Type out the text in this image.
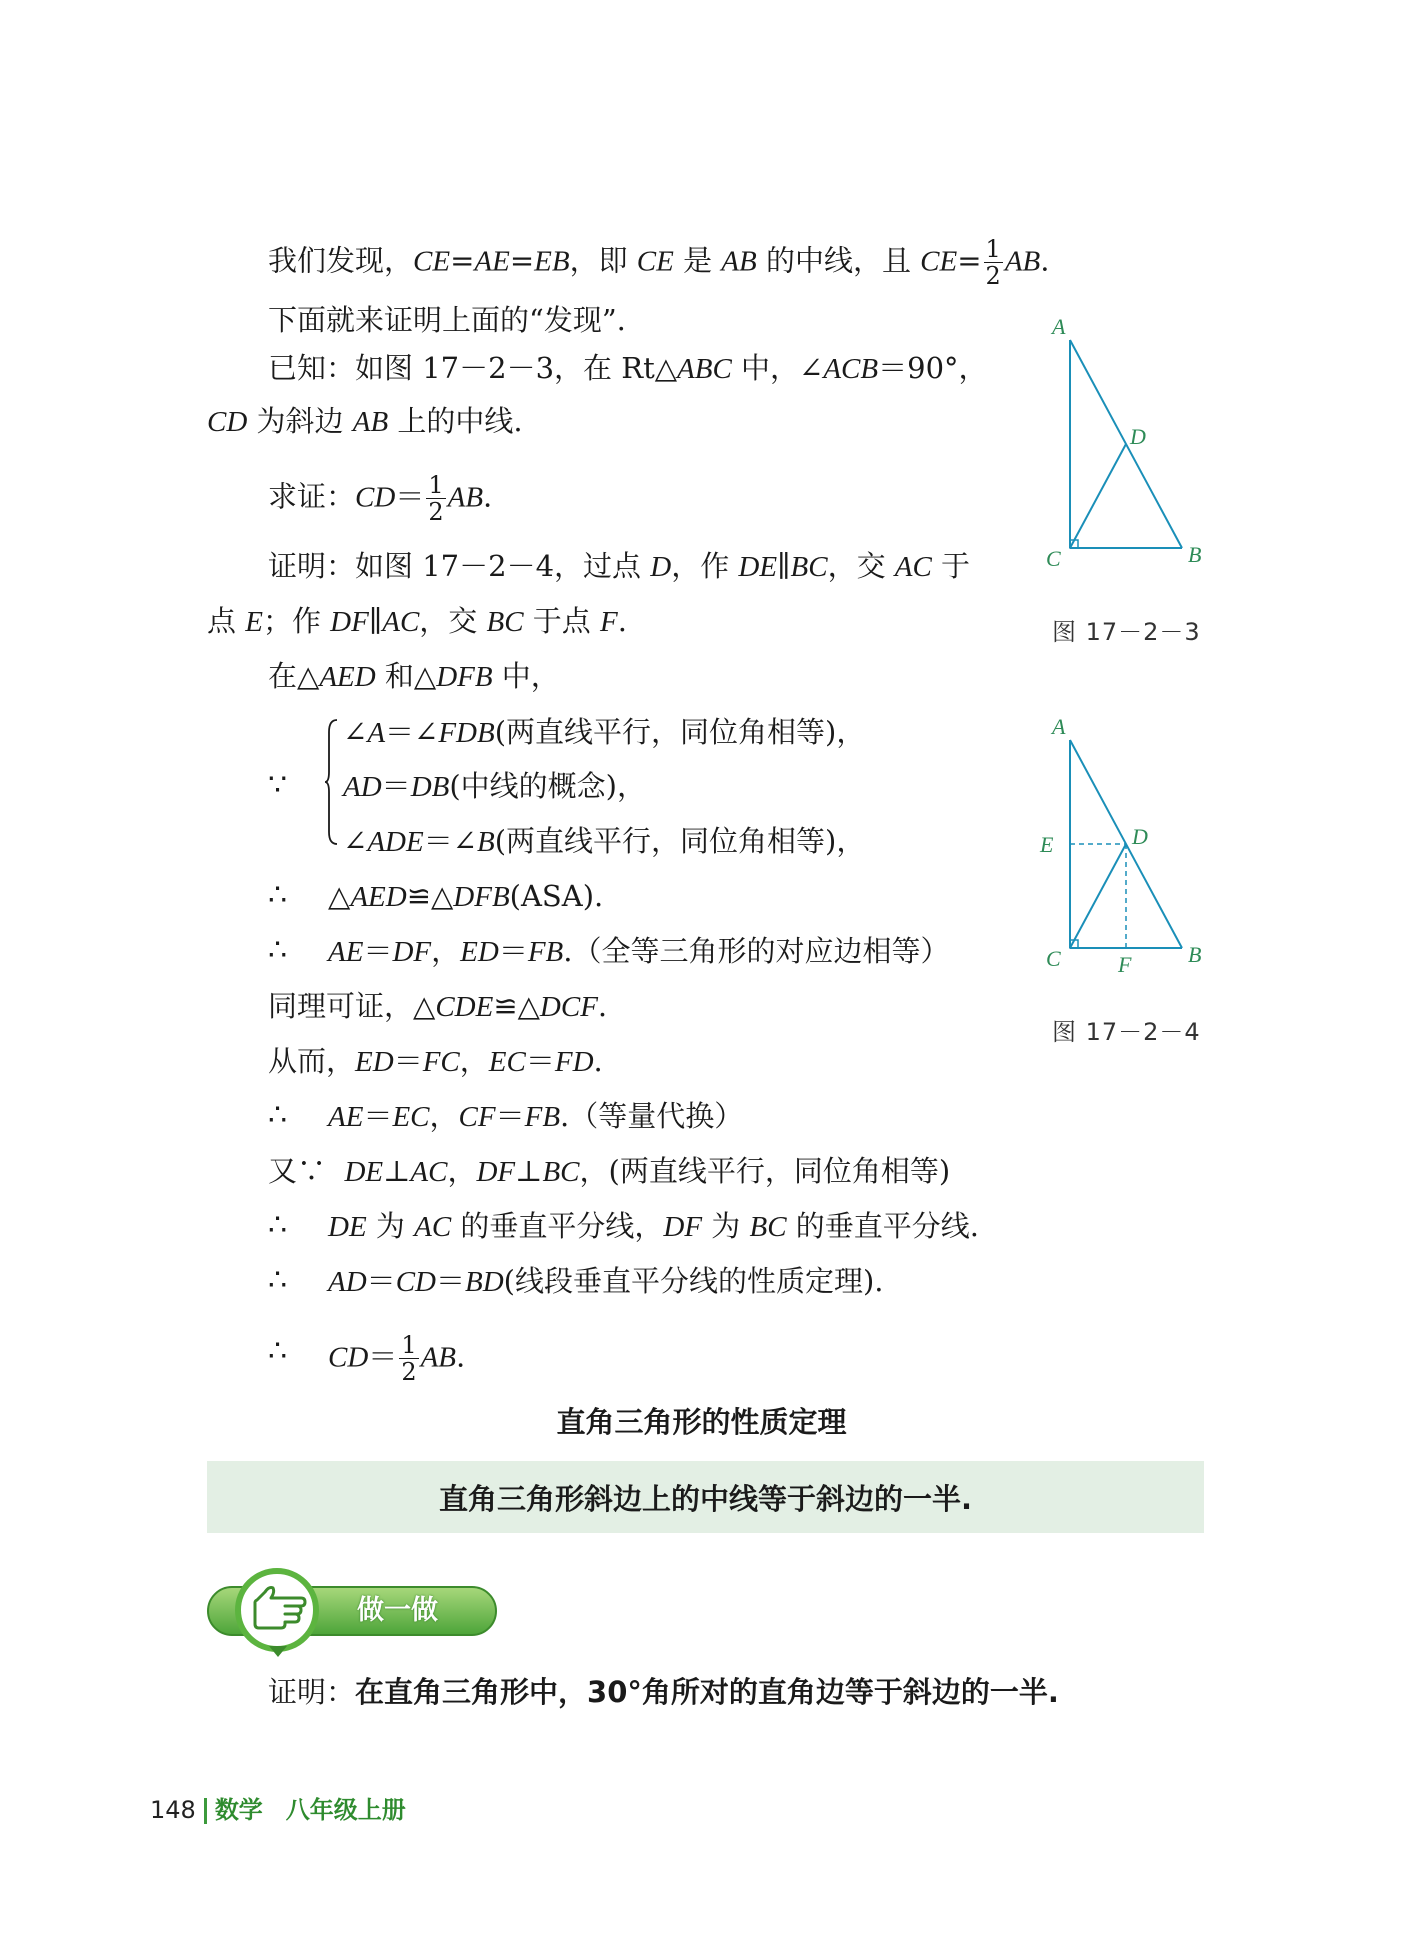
我们发现，CE=AE=EB，即 CE 是 AB 的中线，且 $CE= \frac{1}{2}$ AB.
下面就来证明上面的“发现”.
已知：如图 17－2－3，在 Rt△ABC 中，∠ACB＝90°，
CD 为斜边 AB 上的中线.
求证：$CD= \frac{1}{2}$ AB.
证明：如图 17－2－4，过点 D，作 DE∥BC，交 AC 于
点 E；作 DF∥AC，交 BC 于点 F.
在△AED 和△DFB 中，
∵
∠A＝∠FDB(两直线平行，同位角相等)，
AD＝DB(中线的概念)，
∠ADE＝∠B(两直线平行，同位角相等)，
∴ △AED≌△DFB(ASA).
∴ AE＝DF，ED＝FB.（全等三角形的对应边相等）
同理可证，△CDE≌△DCF.
从而，ED＝FC，EC＝FD.
∴ AE＝EC，CF＝FB.（等量代换）
又∵ DE⊥AC，DF⊥BC，(两直线平行，同位角相等)
∴ DE 为 AC 的垂直平分线，DF 为 BC 的垂直平分线.
∴ AD＝CD＝BD(线段垂直平分线的性质定理).
∴ $CD= \frac{1}{2}$ AB.
A
D
C	B
图 17－2－3
A
E	D
C	F	B
图 17－2－4
直角三角形的性质定理
直角三角形斜边上的中线等于斜边的一半.
做一做
证明：在直角三角形中，30°角所对的直角边等于斜边的一半.
148 数学 八年级上册
